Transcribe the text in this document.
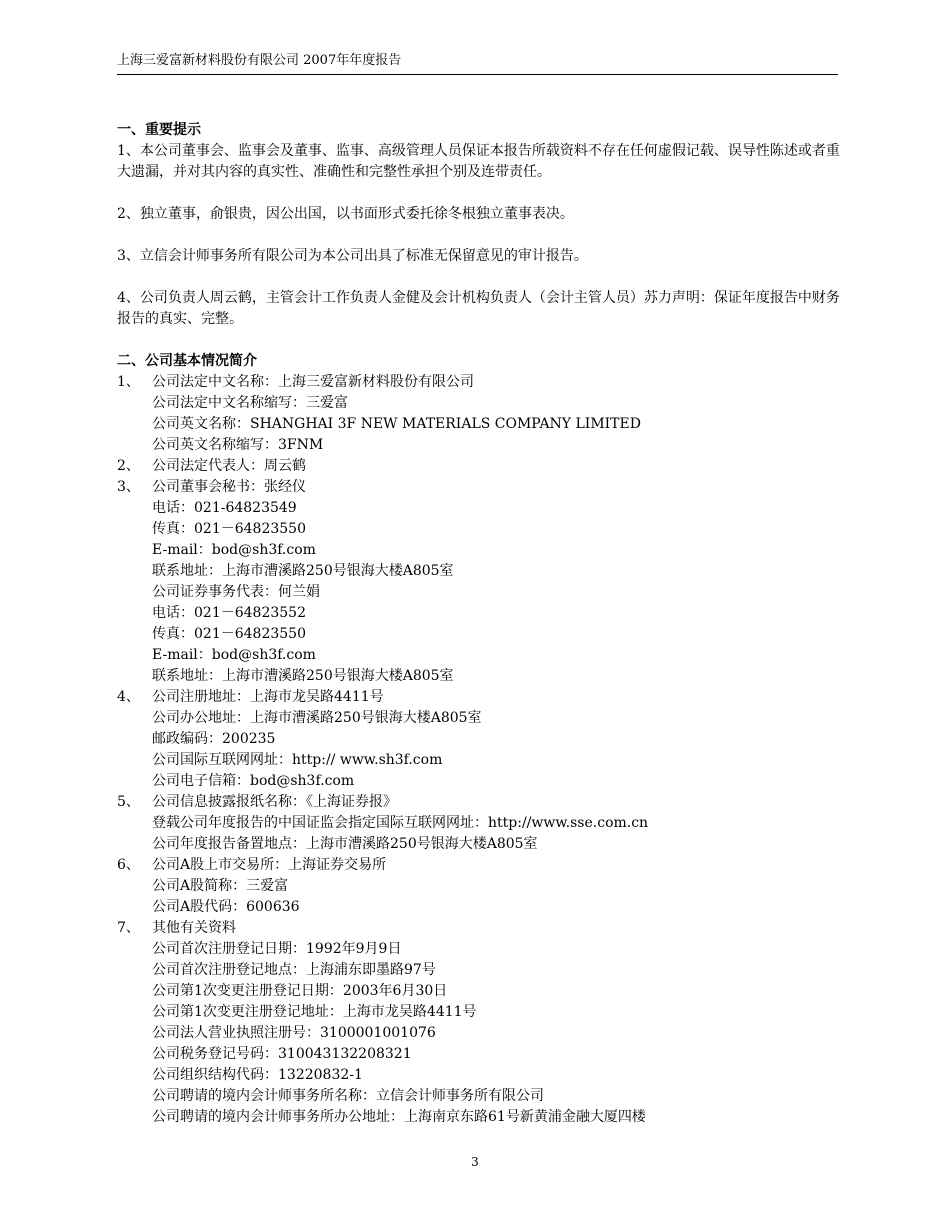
上海三爱富新材料股份有限公司 2007年年度报告
一、重要提示
1、本公司董事会、监事会及董事、监事、高级管理人员保证本报告所载资料不存在任何虚假记载、误导性陈述或者重大遗漏，并对其内容的真实性、准确性和完整性承担个别及连带责任。
2、独立董事，俞银贵，因公出国，以书面形式委托徐冬根独立董事表决。
3、立信会计师事务所有限公司为本公司出具了标准无保留意见的审计报告。
4、公司负责人周云鹤，主管会计工作负责人金健及会计机构负责人（会计主管人员）苏力声明：保证年度报告中财务报告的真实、完整。
二、公司基本情况简介
1、 公司法定中文名称：上海三爱富新材料股份有限公司
公司法定中文名称缩写：三爱富
公司英文名称：SHANGHAI 3F NEW MATERIALS COMPANY LIMITED
公司英文名称缩写：3FNM
2、 公司法定代表人：周云鹤
3、 公司董事会秘书：张经仪
电话：021-64823549
传真：021－64823550
E-mail：bod@sh3f.com
联系地址：上海市漕溪路250号银海大楼A805室
公司证券事务代表：何兰娟
电话：021－64823552
传真：021－64823550
E-mail：bod@sh3f.com
联系地址：上海市漕溪路250号银海大楼A805室
4、 公司注册地址：上海市龙吴路4411号
公司办公地址：上海市漕溪路250号银海大楼A805室
邮政编码：200235
公司国际互联网网址：http:// www.sh3f.com
公司电子信箱：bod@sh3f.com
5、 公司信息披露报纸名称：《上海证券报》
登载公司年度报告的中国证监会指定国际互联网网址：http://www.sse.com.cn
公司年度报告备置地点：上海市漕溪路250号银海大楼A805室
6、 公司A股上市交易所：上海证券交易所
公司A股简称：三爱富
公司A股代码：600636
7、 其他有关资料
公司首次注册登记日期：1992年9月9日
公司首次注册登记地点：上海浦东即墨路97号
公司第1次变更注册登记日期：2003年6月30日
公司第1次变更注册登记地址：上海市龙吴路4411号
公司法人营业执照注册号：3100001001076
公司税务登记号码：310043132208321
公司组织结构代码：13220832-1
公司聘请的境内会计师事务所名称：立信会计师事务所有限公司
公司聘请的境内会计师事务所办公地址：上海南京东路61号新黄浦金融大厦四楼
3
